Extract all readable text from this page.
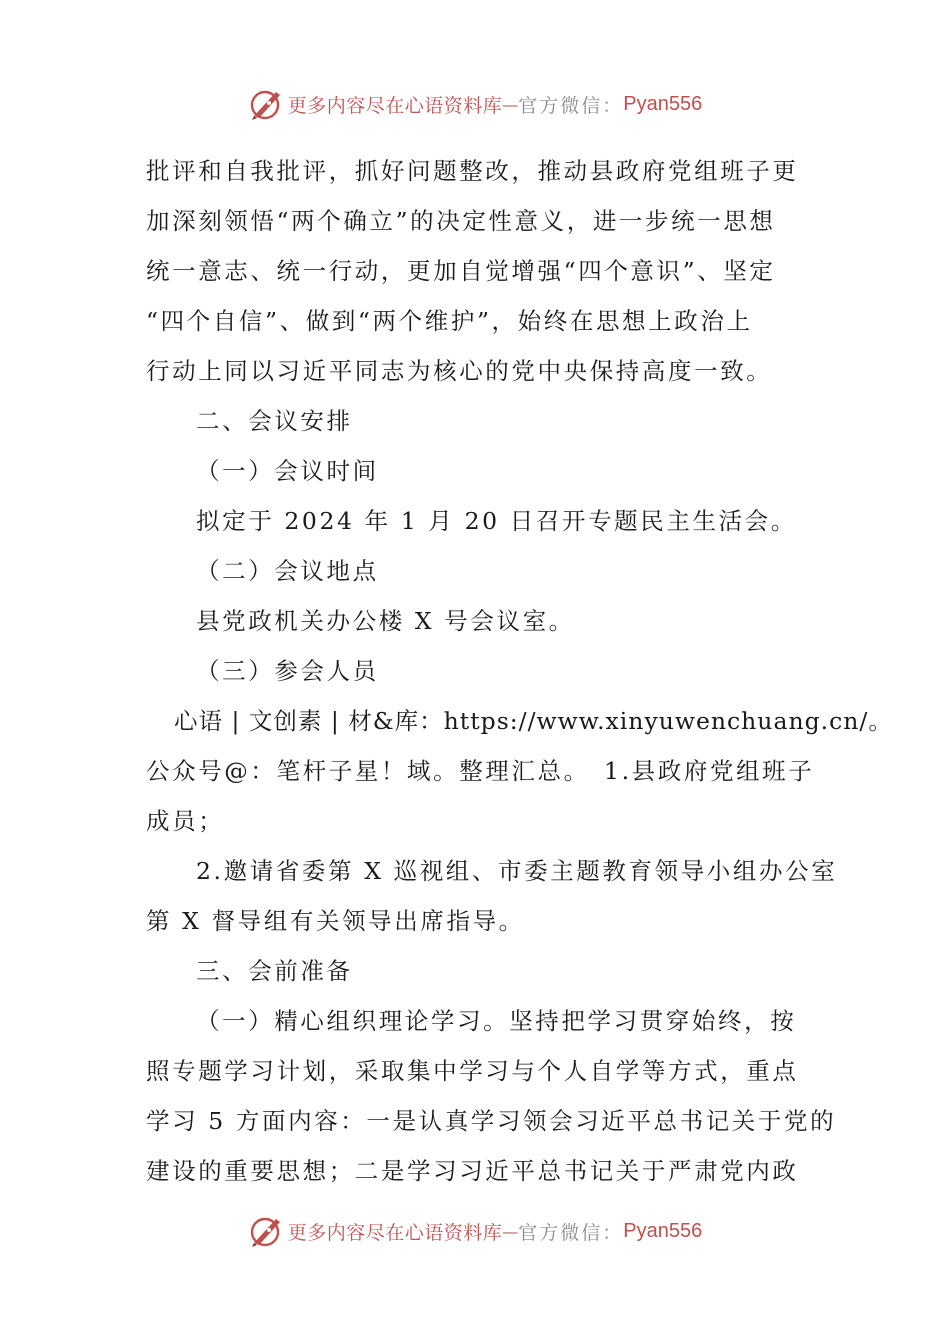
更多内容尽在心语资料库 — 官方微信： Pyan556
批评和自我批评，抓好问题整改，推动县政府党组班子更
加深刻领悟“两个确立”的决定性意义，进一步统一思想
统一意志、统一行动，更加自觉增强“四个意识”、坚定
“四个自信”、做到“两个维护”，始终在思想上政治上
行动上同以习近平同志为核心的党中央保持高度一致。
二、会议安排
（一）会议时间
拟定于 2024 年 1 月 20 日召开专题民主生活会。
（二）会议地点
县党政机关办公楼 X 号会议室。
（三）参会人员
心语 | 文创素 | 材&库：https://www.xinyuwenchuang.cn/。
公众号@：笔杆子星！域。整理汇总。　1.县政府党组班子
成员；
2.邀请省委第 X 巡视组、市委主题教育领导小组办公室
第 X 督导组有关领导出席指导。
三、会前准备
（一）精心组织理论学习。坚持把学习贯穿始终，按
照专题学习计划，采取集中学习与个人自学等方式，重点
学习 5 方面内容：一是认真学习领会习近平总书记关于党的
建设的重要思想；二是学习习近平总书记关于严肃党内政
更多内容尽在心语资料库 — 官方微信： Pyan556
